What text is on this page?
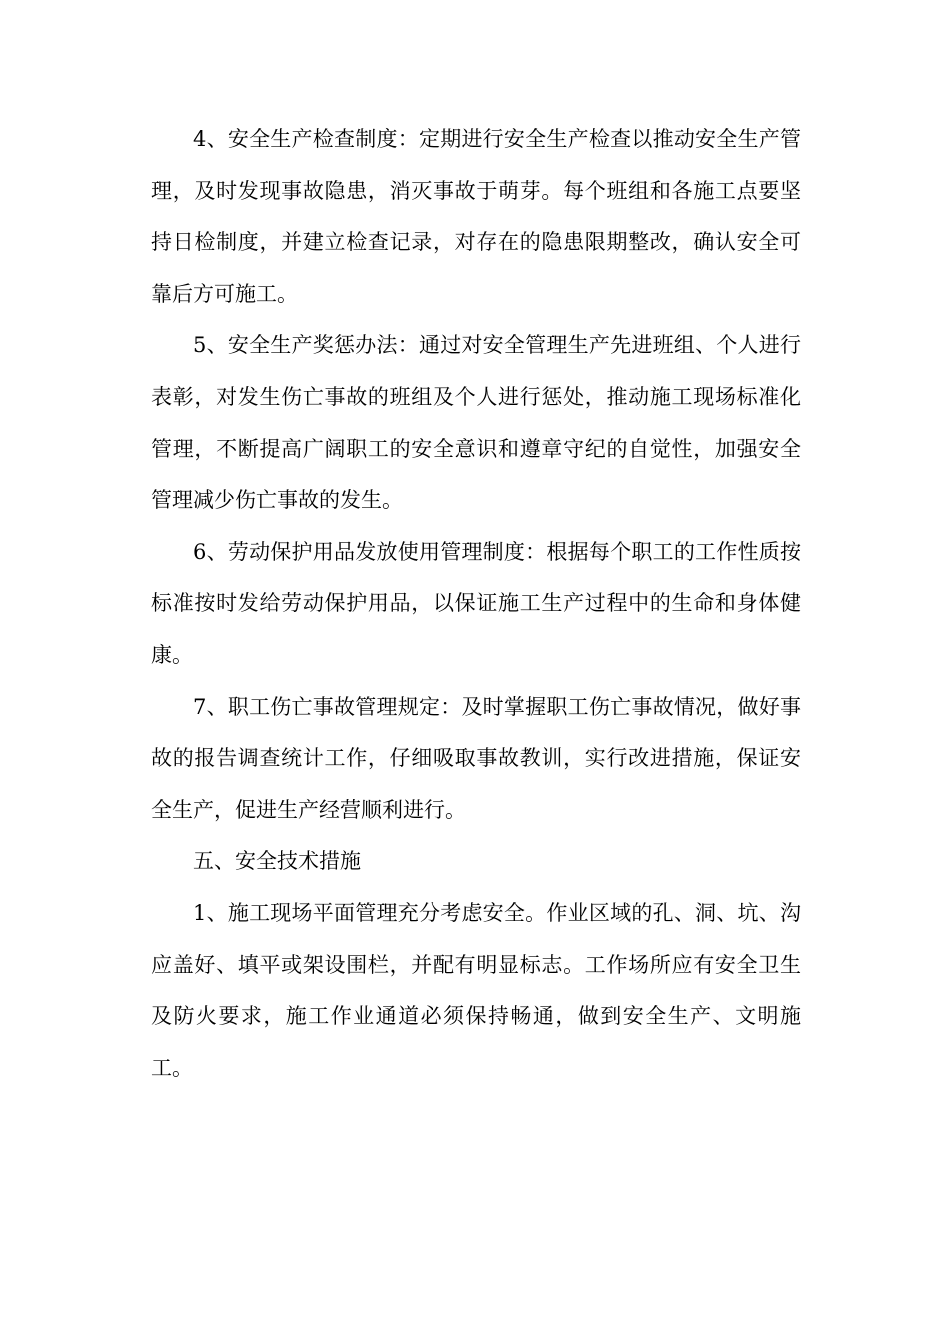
4、安全生产检查制度：定期进行安全生产检查以推动安全生产管理，及时发现事故隐患，消灭事故于萌芽。每个班组和各施工点要坚持日检制度，并建立检查记录，对存在的隐患限期整改，确认安全可靠后方可施工。

5、安全生产奖惩办法：通过对安全管理生产先进班组、个人进行表彰，对发生伤亡事故的班组及个人进行惩处，推动施工现场标准化管理，不断提高广阔职工的安全意识和遵章守纪的自觉性，加强安全管理减少伤亡事故的发生。

6、劳动保护用品发放使用管理制度：根据每个职工的工作性质按标准按时发给劳动保护用品，以保证施工生产过程中的生命和身体健康。

7、职工伤亡事故管理规定：及时掌握职工伤亡事故情况，做好事故的报告调查统计工作，仔细吸取事故教训，实行改进措施，保证安全生产，促进生产经营顺利进行。

五、安全技术措施

1、施工现场平面管理充分考虑安全。作业区域的孔、洞、坑、沟应盖好、填平或架设围栏，并配有明显标志。工作场所应有安全卫生及防火要求，施工作业通道必须保持畅通，做到安全生产、文明施工。
